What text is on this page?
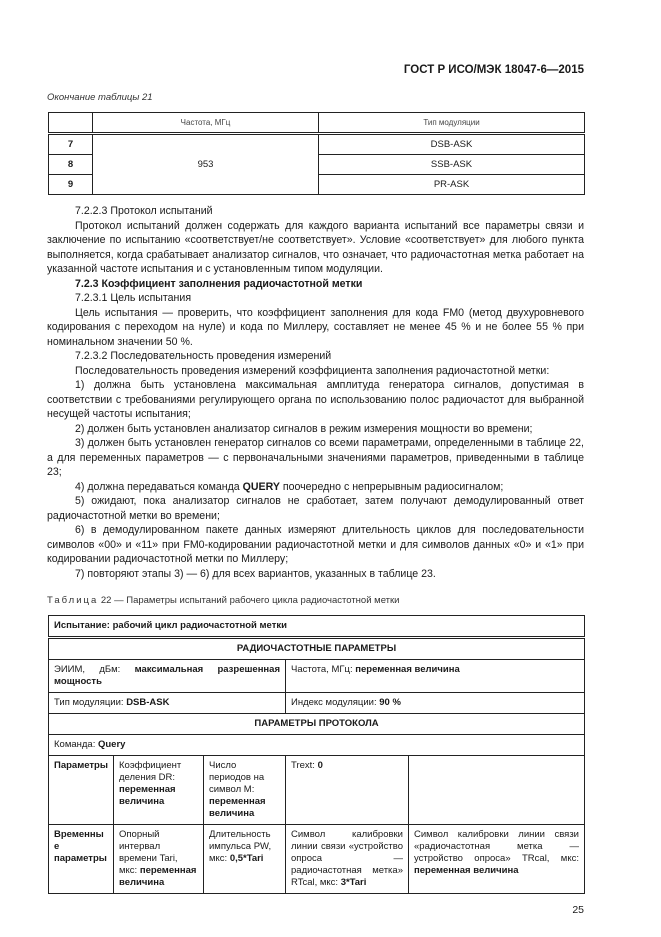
ГОСТ Р ИСО/МЭК 18047-6—2015
Окончание таблицы 21
	Частота, МГц	Тип модуляции
7	953	DSB-ASK
8		SSB-ASK
9		PR-ASK

7.2.2.3 Протокол испытаний

Протокол испытаний должен содержать для каждого варианта испытаний все параметры связи и заключение по испытанию «соответствует/не соответствует». Условие «соответствует» для любого пункта выполняется, когда срабатывает анализатор сигналов, что означает, что радиочастотная метка работает на указанной частоте испытания и с установленным типом модуляции.

7.2.3 Коэффициент заполнения радиочастотной метки

7.2.3.1 Цель испытания

Цель испытания — проверить, что коэффициент заполнения для кода FM0 (метод двухуровневого кодирования с переходом на нуле) и кода по Миллеру, составляет не менее 45 % и не более 55 % при номинальном значении 50 %.

7.2.3.2 Последовательность проведения измерений

Последовательность проведения измерений коэффициента заполнения радиочастотной метки:

1) должна быть установлена максимальная амплитуда генератора сигналов, допустимая в соответствии с требованиями регулирующего органа по использованию полос радиочастот для выбранной несущей частоты испытания;

2) должен быть установлен анализатор сигналов в режим измерения мощности во времени;

3) должен быть установлен генератор сигналов со всеми параметрами, определенными в таблице 22, а для переменных параметров — с первоначальными значениями параметров, приведенными в таблице 23;

4) должна передаваться команда QUERY поочередно с непрерывным радиосигналом;

5) ожидают, пока анализатор сигналов не сработает, затем получают демодулированный ответ радиочастотной метки во времени;

6) в демодулированном пакете данных измеряют длительность циклов для последовательности символов «00» и «11» при FM0-кодировании радиочастотной метки и для символов данных «0» и «1» при кодировании радиочастотной метки по Миллеру;

7) повторяют этапы 3) — 6) для всех вариантов, указанных в таблице 23.

Таблица 22 — Параметры испытаний рабочего цикла радиочастотной метки
Испытание: рабочий цикл радиочастотной метки				
РАДИОЧАСТОТНЫЕ ПАРАМЕТРЫ				
ЭИИМ, дБм: максимальная разрешенная мощность			Частота, МГц: переменная величина	
Тип модуляции: DSB-ASK			Индекс модуляции: 90 %	
ПАРАМЕТРЫ ПРОТОКОЛА				
Команда: Query				
Параметры	Коэффициент деления DR: переменная величина	Число периодов на символ М: переменная величина	Trext: 0	
Временные параметры	Опорный интервал времени Tari, мкс: переменная величина	Длительность импульса PW, мкс: 0,5*Tari	Символ калибровки линии связи «устройство опроса — радиочастотная метка» RTcal, мкс: 3*Tari	Символ калибровки линии связи «радиочастотная метка — устройство опроса» TRcal, мкс: переменная величина
25
